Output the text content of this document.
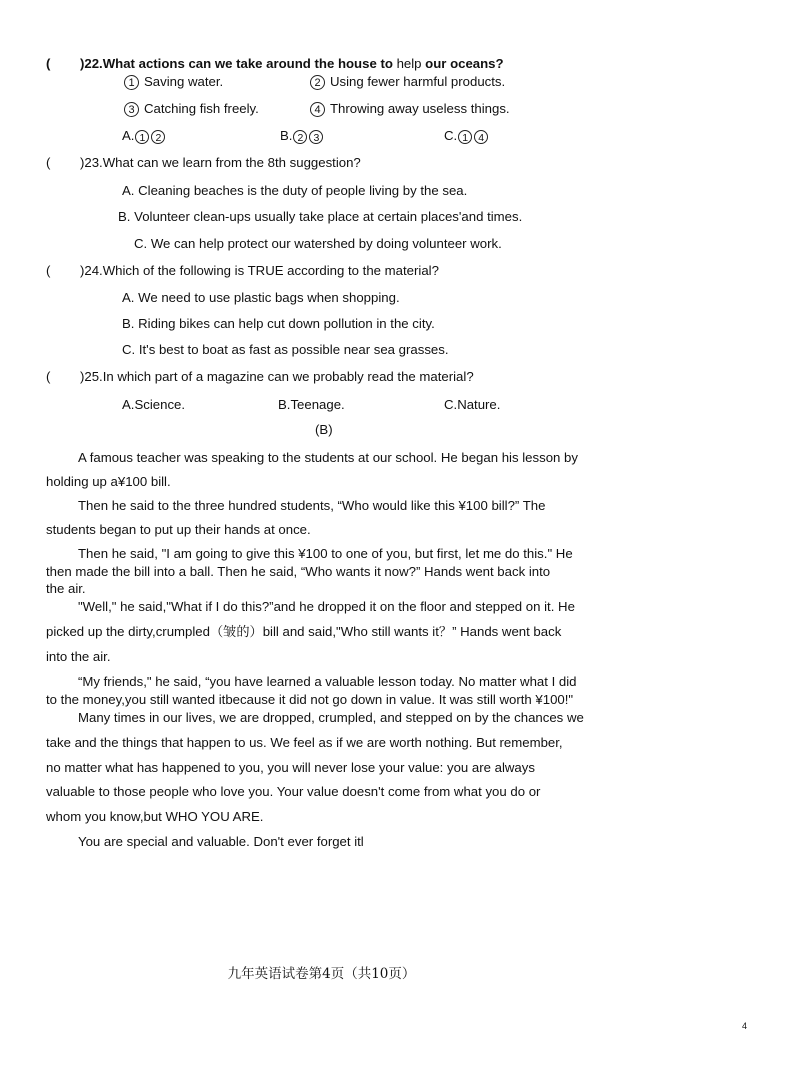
( )22.What actions can we take around the house to help our oceans?
1 Saving water.	2 Using fewer harmful products.
3 Catching fish freely.	4 Throwing away useless things.
A. 1 2	B. 2 3	C. 1 4
( )23.What can we learn from the 8th suggestion?
A. Cleaning beaches is the duty of people living by the sea.
B. Volunteer clean-ups usually take place at certain places'and times.
C. We can help protect our watershed by doing volunteer work.
( )24.Which of the following is TRUE according to the material?
A. We need to use plastic bags when shopping.
B. Riding bikes can help cut down pollution in the city.
C. It's best to boat as fast as possible near sea grasses.
( )25.In which part of a magazine can we probably read the material?
A.Science.	B.Teenage.	C.Nature.
(B)
A famous teacher was speaking to the students at our school. He began his lesson by
holding up a¥100 bill.
Then he said to the three hundred students, “Who would like this ¥100 bill?” The
students began to put up their hands at once.
Then he said, "I am going to give this ¥100 to one of you, but first, let me do this." He
then made the bill into a ball. Then he said, “Who wants it now?” Hands went back into
the air.
"Well," he said,"What if I do this?”and he dropped it on the floor and stepped on it. He
picked up the dirty,crumpled（皱的）bill and said,"Who still wants it？” Hands went back
into the air.
“My friends," he said, “you have learned a valuable lesson today. No matter what I did
to the money,you still wanted itbecause it did not go down in value. It was still worth ¥100!"
Many times in our lives, we are dropped, crumpled, and stepped on by the chances we
take and the things that happen to us. We feel as if we are worth nothing. But remember,
no matter what has happened to you, you will never lose your value: you are always
valuable to those people who love you. Your value doesn't come from what you do or
whom you know,but WHO YOU ARE.
You are special and valuable. Don't ever forget itl
九年英语试卷第4页（共10页）
4
